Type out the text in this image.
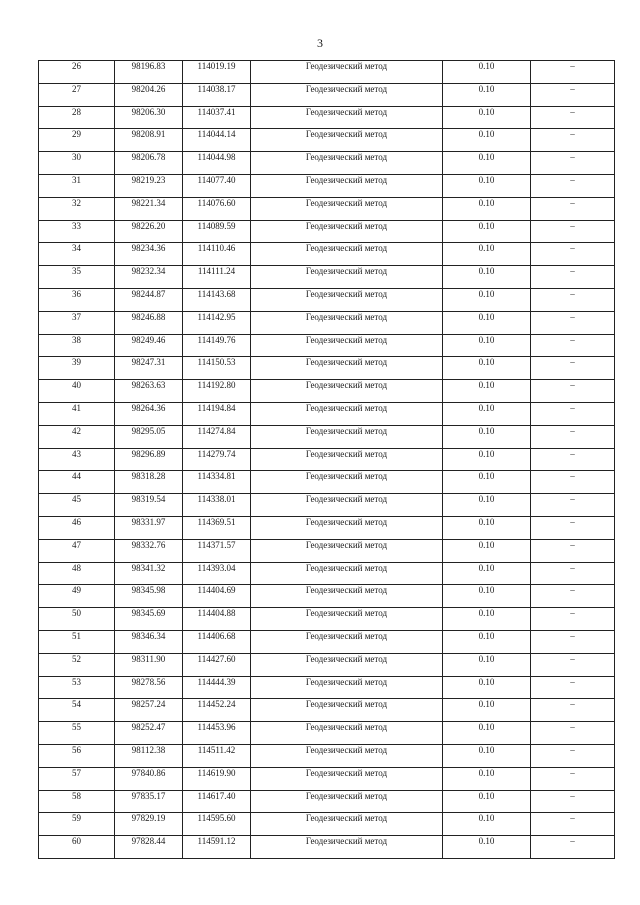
3
26	98196.83	114019.19	Геодезический метод	0.10	–
27	98204.26	114038.17	Геодезический метод	0.10	–
28	98206.30	114037.41	Геодезический метод	0.10	–
29	98208.91	114044.14	Геодезический метод	0.10	–
30	98206.78	114044.98	Геодезический метод	0.10	–
31	98219.23	114077.40	Геодезический метод	0.10	–
32	98221.34	114076.60	Геодезический метод	0.10	–
33	98226.20	114089.59	Геодезический метод	0.10	–
34	98234.36	114110.46	Геодезический метод	0.10	–
35	98232.34	114111.24	Геодезический метод	0.10	–
36	98244.87	114143.68	Геодезический метод	0.10	–
37	98246.88	114142.95	Геодезический метод	0.10	–
38	98249.46	114149.76	Геодезический метод	0.10	–
39	98247.31	114150.53	Геодезический метод	0.10	–
40	98263.63	114192.80	Геодезический метод	0.10	–
41	98264.36	114194.84	Геодезический метод	0.10	–
42	98295.05	114274.84	Геодезический метод	0.10	–
43	98296.89	114279.74	Геодезический метод	0.10	–
44	98318.28	114334.81	Геодезический метод	0.10	–
45	98319.54	114338.01	Геодезический метод	0.10	–
46	98331.97	114369.51	Геодезический метод	0.10	–
47	98332.76	114371.57	Геодезический метод	0.10	–
48	98341.32	114393.04	Геодезический метод	0.10	–
49	98345.98	114404.69	Геодезический метод	0.10	–
50	98345.69	114404.88	Геодезический метод	0.10	–
51	98346.34	114406.68	Геодезический метод	0.10	–
52	98311.90	114427.60	Геодезический метод	0.10	–
53	98278.56	114444.39	Геодезический метод	0.10	–
54	98257.24	114452.24	Геодезический метод	0.10	–
55	98252.47	114453.96	Геодезический метод	0.10	–
56	98112.38	114511.42	Геодезический метод	0.10	–
57	97840.86	114619.90	Геодезический метод	0.10	–
58	97835.17	114617.40	Геодезический метод	0.10	–
59	97829.19	114595.60	Геодезический метод	0.10	–
60	97828.44	114591.12	Геодезический метод	0.10	–
